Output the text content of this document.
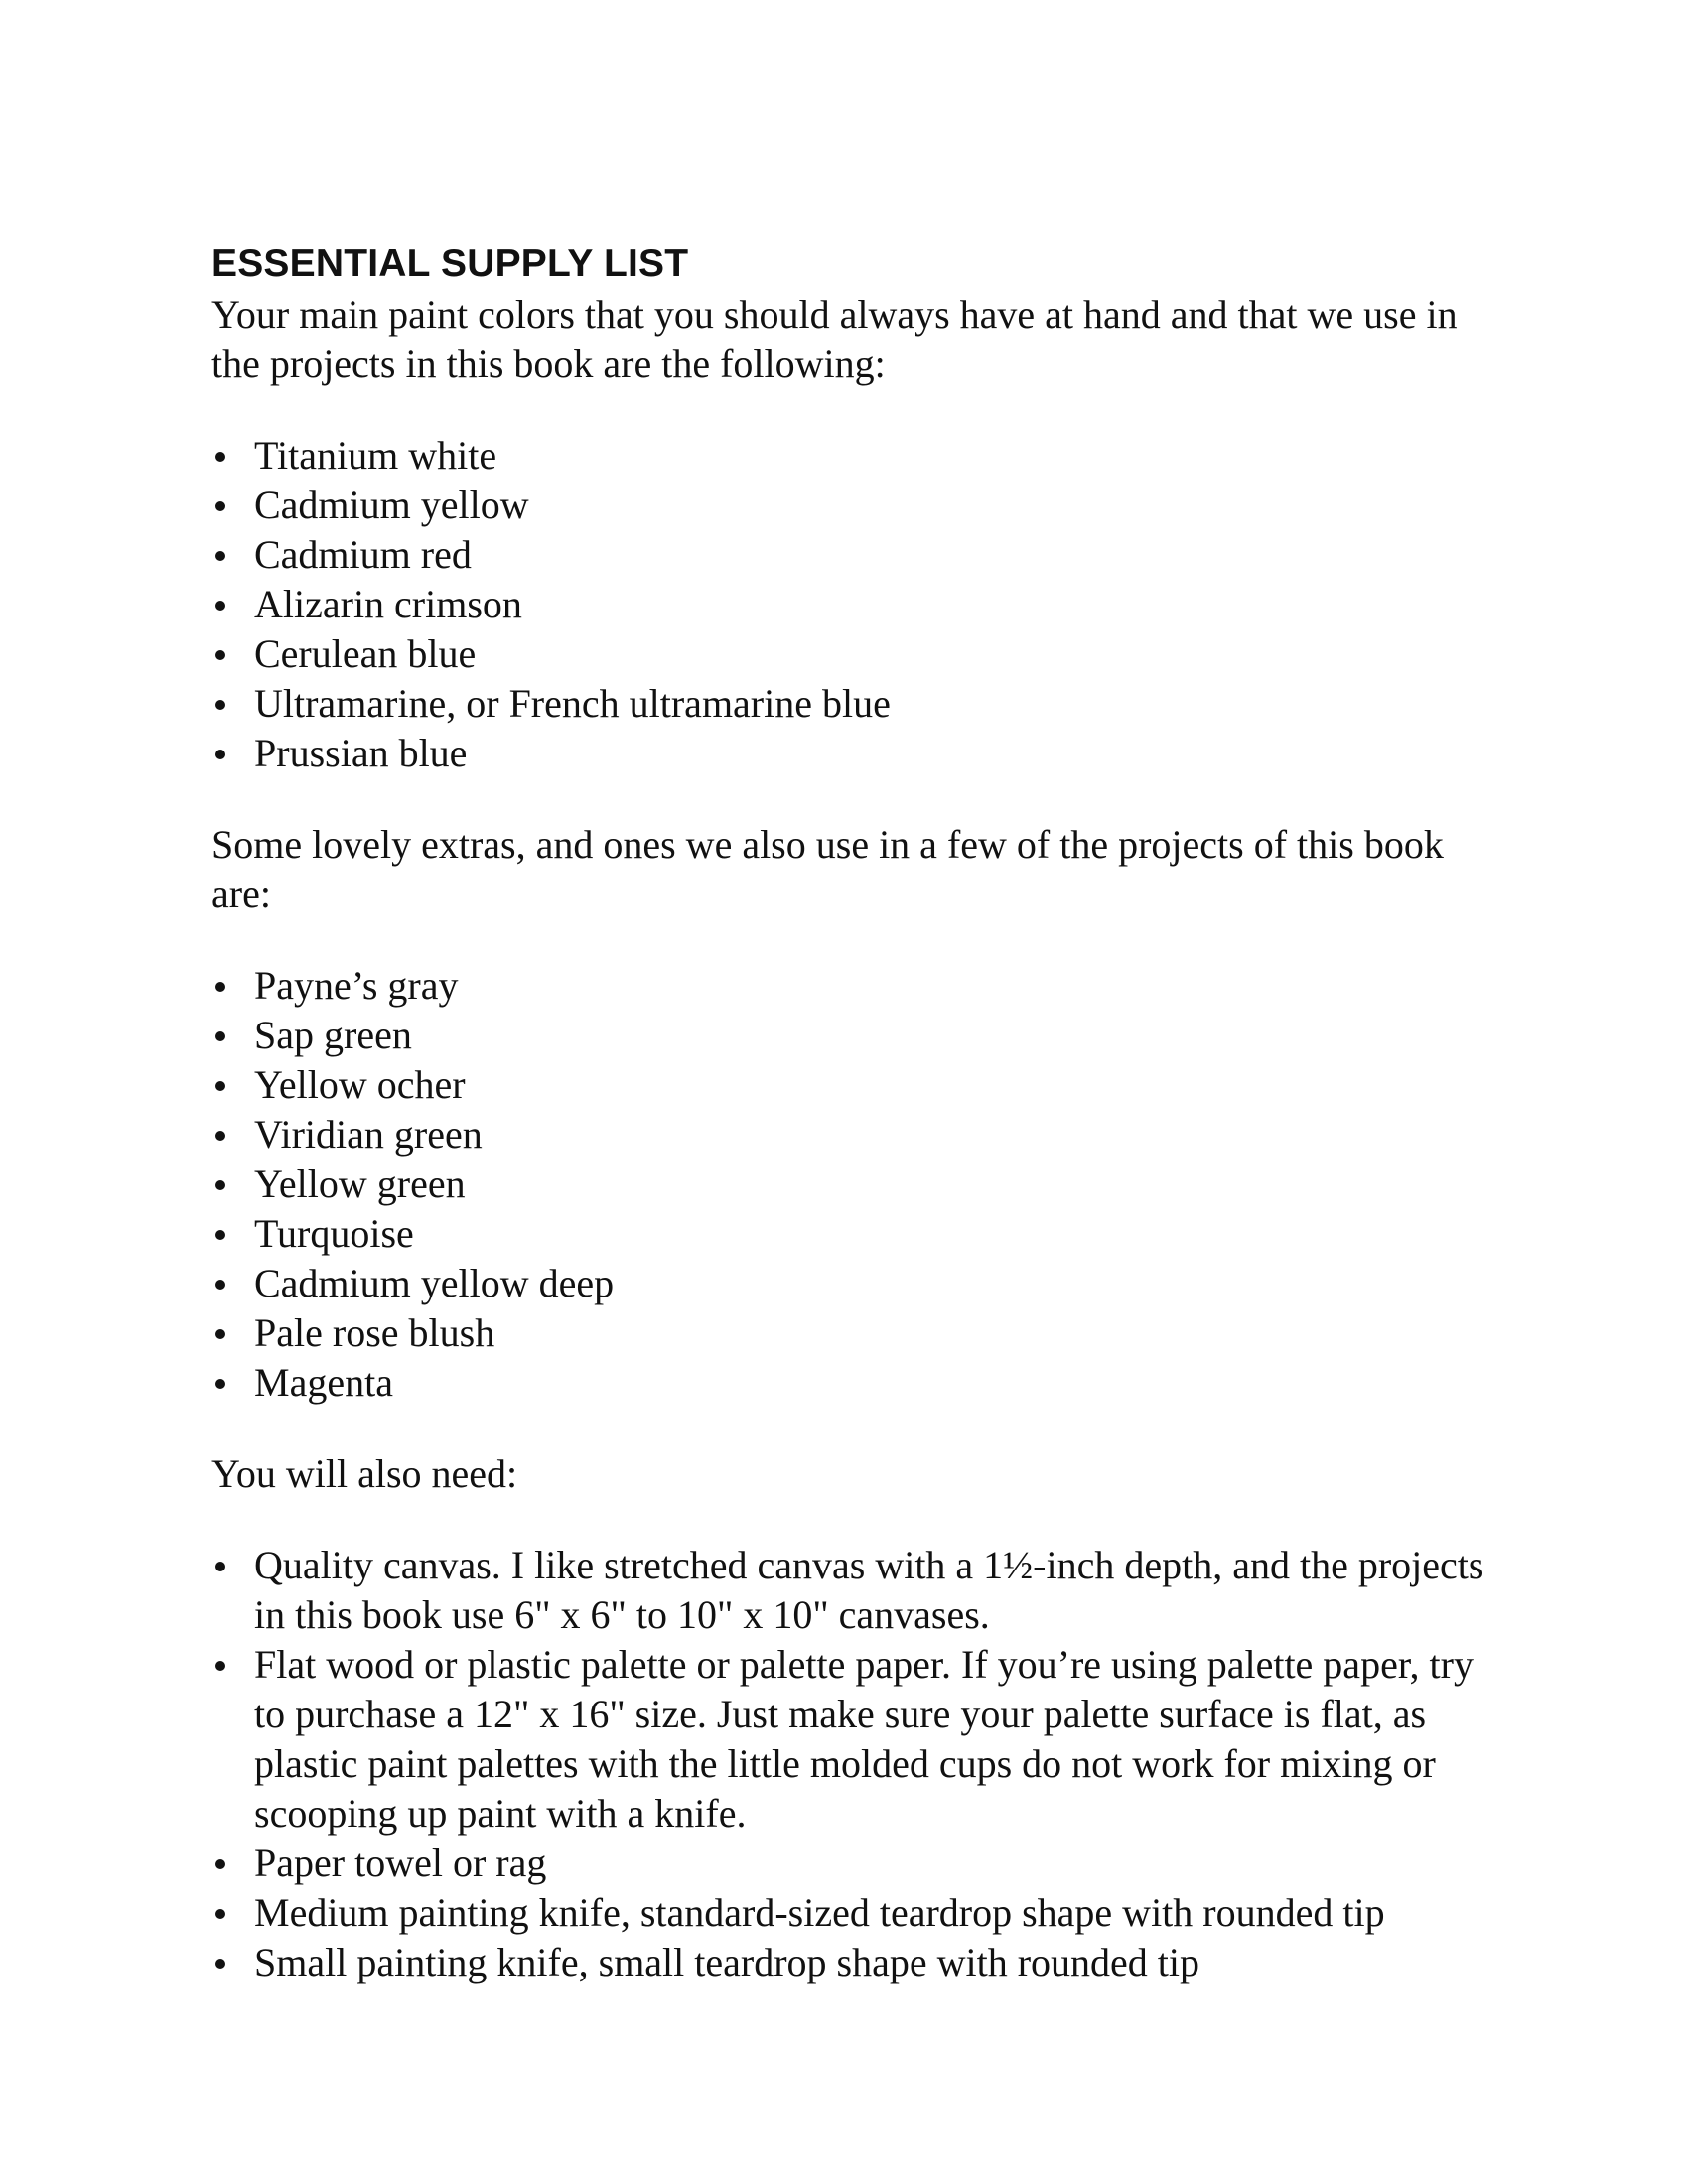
ESSENTIAL SUPPLY LIST

Your main paint colors that you should always have at hand and that we use in the projects in this book are the following:

Titanium white
Cadmium yellow
Cadmium red
Alizarin crimson
Cerulean blue
Ultramarine, or French ultramarine blue
Prussian blue

Some lovely extras, and ones we also use in a few of the projects of this book are:

Payne’s gray
Sap green
Yellow ocher
Viridian green
Yellow green
Turquoise
Cadmium yellow deep
Pale rose blush
Magenta

You will also need:

Quality canvas. I like stretched canvas with a 1½-inch depth, and the projects in this book use 6" x 6" to 10" x 10" canvases.
Flat wood or plastic palette or palette paper. If you’re using palette paper, try to purchase a 12" x 16" size. Just make sure your palette surface is flat, as plastic paint palettes with the little molded cups do not work for mixing or scooping up paint with a knife.
Paper towel or rag
Medium painting knife, standard-sized teardrop shape with rounded tip
Small painting knife, small teardrop shape with rounded tip
